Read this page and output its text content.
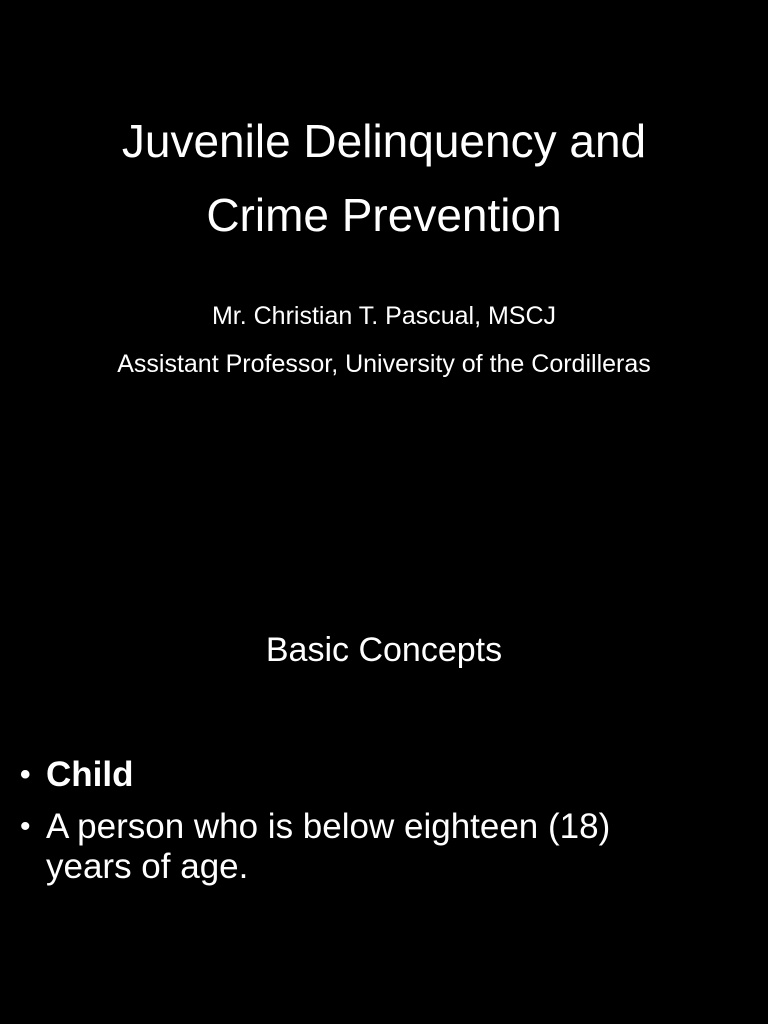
Juvenile Delinquency and
Crime Prevention

Mr. Christian T. Pascual, MSCJ

Assistant Professor, University of the Cordilleras

Basic Concepts
• Child
• A person who is below eighteen (18) years of age.
